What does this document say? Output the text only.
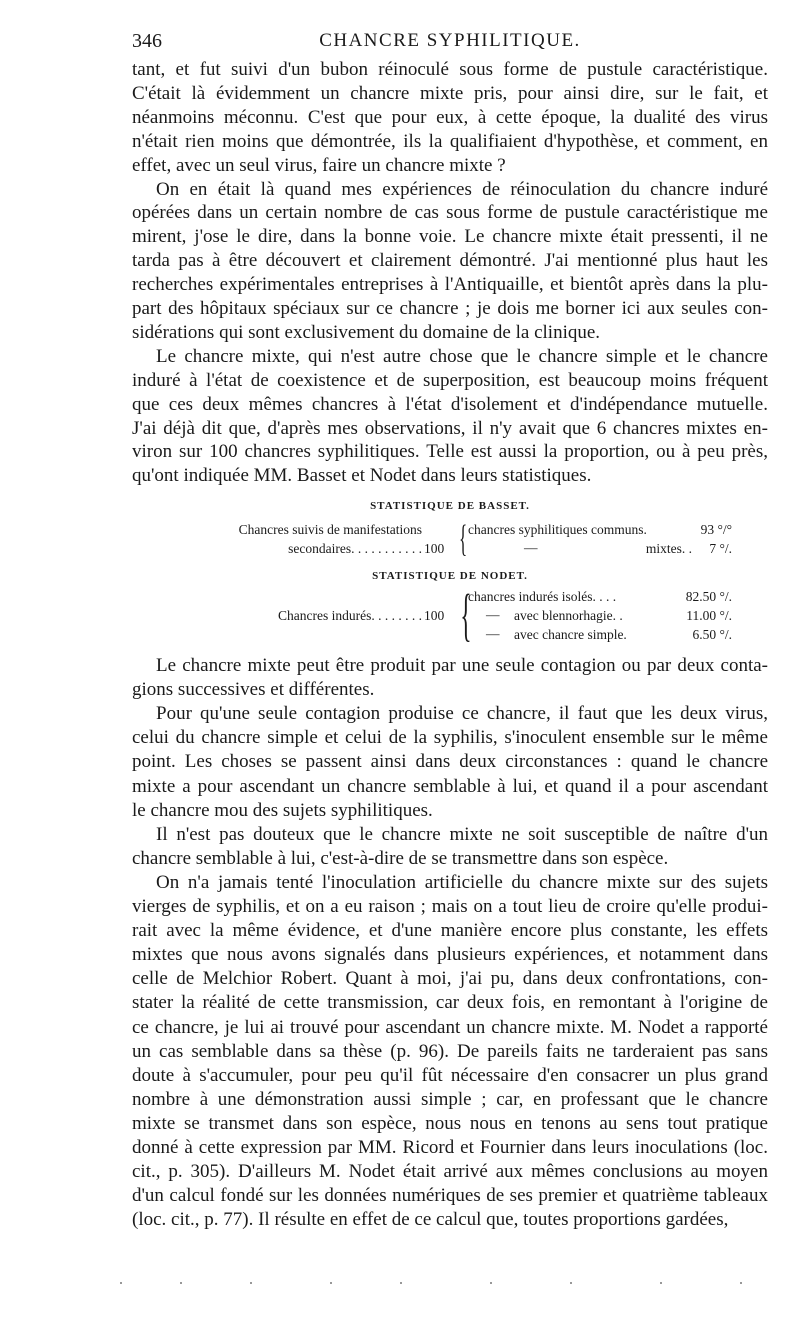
346	CHANCRE SYPHILITIQUE.
tant, et fut suivi d'un bubon réinoculé sous forme de pustule caractéristique.
C'était là évidemment un chancre mixte pris, pour ainsi dire, sur le fait, et
néanmoins méconnu. C'est que pour eux, à cette époque, la dualité des virus
n'était rien moins que démontrée, ils la qualifiaient d'hypothèse, et comment, en
effet, avec un seul virus, faire un chancre mixte ?
On en était là quand mes expériences de réinoculation du chancre induré
opérées dans un certain nombre de cas sous forme de pustule caractéristique me
mirent, j'ose le dire, dans la bonne voie. Le chancre mixte était pressenti, il ne
tarda pas à être découvert et clairement démontré. J'ai mentionné plus haut les
recherches expérimentales entreprises à l'Antiquaille, et bientôt après dans la plu-
part des hôpitaux spéciaux sur ce chancre ; je dois me borner ici aux seules con-
sidérations qui sont exclusivement du domaine de la clinique.
Le chancre mixte, qui n'est autre chose que le chancre simple et le chancre
induré à l'état de coexistence et de superposition, est beaucoup moins fréquent
que ces deux mêmes chancres à l'état d'isolement et d'indépendance mutuelle.
J'ai déjà dit que, d'après mes observations, il n'y avait que 6 chancres mixtes en-
viron sur 100 chancres syphilitiques. Telle est aussi la proportion, ou à peu près,
qu'ont indiquée MM. Basset et Nodet dans leurs statistiques.
STATISTIQUE DE BASSET.
Chancres suivis de manifestations
secondaires. . . . . . . . . . . 100 { chancres syphilitiques communs.	93 °/°
—	mixtes. . 7 °/.
STATISTIQUE DE NODET.
Chancres indurés. . . . . . . . 100 {
chancres indurés isolés. . . .	82.50 °/.
— avec blennorhagie. .	11.00 °/.
— avec chancre simple.	6.50 °/.
Le chancre mixte peut être produit par une seule contagion ou par deux conta-
gions successives et différentes.
Pour qu'une seule contagion produise ce chancre, il faut que les deux virus,
celui du chancre simple et celui de la syphilis, s'inoculent ensemble sur le même
point. Les choses se passent ainsi dans deux circonstances : quand le chancre
mixte a pour ascendant un chancre semblable à lui, et quand il a pour ascendant
le chancre mou des sujets syphilitiques.
Il n'est pas douteux que le chancre mixte ne soit susceptible de naître d'un
chancre semblable à lui, c'est-à-dire de se transmettre dans son espèce.
On n'a jamais tenté l'inoculation artificielle du chancre mixte sur des sujets
vierges de syphilis, et on a eu raison ; mais on a tout lieu de croire qu'elle produi-
rait avec la même évidence, et d'une manière encore plus constante, les effets
mixtes que nous avons signalés dans plusieurs expériences, et notamment dans
celle de Melchior Robert. Quant à moi, j'ai pu, dans deux confrontations, con-
stater la réalité de cette transmission, car deux fois, en remontant à l'origine de
ce chancre, je lui ai trouvé pour ascendant un chancre mixte. M. Nodet a rapporté
un cas semblable dans sa thèse (p. 96). De pareils faits ne tarderaient pas sans
doute à s'accumuler, pour peu qu'il fût nécessaire d'en consacrer un plus grand
nombre à une démonstration aussi simple ; car, en professant que le chancre
mixte se transmet dans son espèce, nous nous en tenons au sens tout pratique
donné à cette expression par MM. Ricord et Fournier dans leurs inoculations (loc.
cit., p. 305). D'ailleurs M. Nodet était arrivé aux mêmes conclusions au moyen
d'un calcul fondé sur les données numériques de ses premier et quatrième tableaux
(loc. cit., p. 77). Il résulte en effet de ce calcul que, toutes proportions gardées,
